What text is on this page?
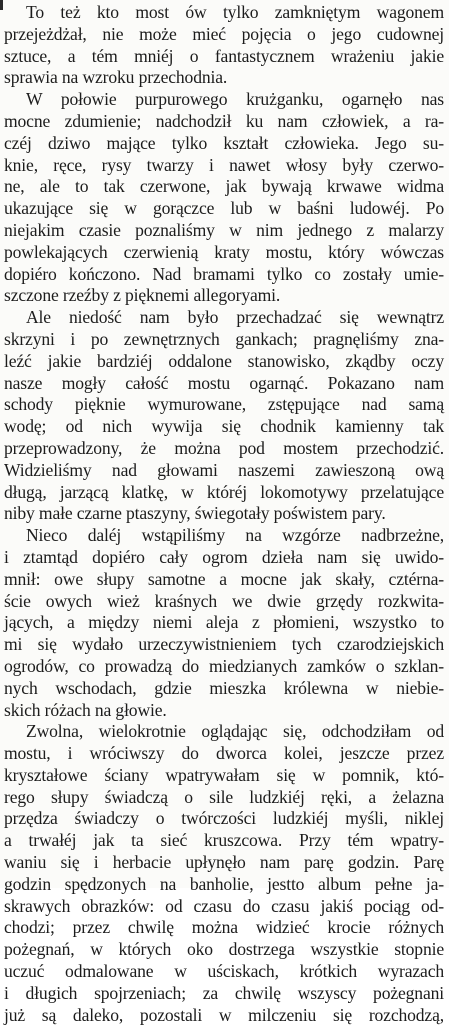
To też kto most ów tylko zamkniętym wagonem
przejeżdżał, nie może mieć pojęcia o jego cudownej
sztuce, a tém mniéj o fantastycznem wrażeniu jakie
sprawia na wzroku przechodnia.

W połowie purpurowego krużganku, ogarnęło nas
mocne zdumienie; nadchodził ku nam człowiek, a ra-
czéj dziwo mające tylko kształt człowieka. Jego su-
knie, ręce, rysy twarzy i nawet włosy były czerwo-
ne, ale to tak czerwone, jak bywają krwawe widma
ukazujące się w gorączce lub w baśni ludowéj. Po
niejakim czasie poznaliśmy w nim jednego z malarzy
powlekających czerwienią kraty mostu, który wówczas
dopiéro kończono. Nad bramami tylko co zostały umie-
szczone rzeźby z pięknemi allegoryami.

Ale niedość nam było przechadzać się wewnątrz
skrzyni i po zewnętrznych gankach; pragnęliśmy zna-
leźć jakie bardziéj oddalone stanowisko, zkądby oczy
nasze mogły całość mostu ogarnąć. Pokazano nam
schody pięknie wymurowane, zstępujące nad samą
wodę; od nich wywija się chodnik kamienny tak
przeprowadzony, że można pod mostem przechodzić.
Widzieliśmy nad głowami naszemi zawieszoną ową
długą, jarzącą klatkę, w któréj lokomotywy przelatujące
niby małe czarne ptaszyny, świegotały poświstem pary.

Nieco daléj wstąpiliśmy na wzgórze nadbrzeżne,
i ztamtąd dopiéro cały ogrom dzieła nam się uwido-
mnił: owe słupy samotne a mocne jak skały, cztérna-
ście owych wież kraśnych we dwie grzędy rozkwita-
jących, a między niemi aleja z płomieni, wszystko to
mi się wydało urzeczywistnieniem tych czarodziejskich
ogrodów, co prowadzą do miedzianych zamków o szklan-
nych wschodach, gdzie mieszka królewna w niebie-
skich różach na głowie.

Zwolna, wielokrotnie oglądając się, odchodziłam od
mostu, i wróciwszy do dworca kolei, jeszcze przez
kryształowe ściany wpatrywałam się w pomnik, któ-
rego słupy świadczą o sile ludzkiéj ręki, a żelazna
przędza świadczy o twórczości ludzkiéj myśli, niklej
a trwałéj jak ta sieć kruszcowa. Przy tém wpatry-
waniu się i herbacie upłynęło nam parę godzin. Parę
godzin spędzonych na banholie, jestto album pełne ja-
skrawych obrazków: od czasu do czasu jakiś pociąg od-
chodzi; przez chwilę można widzieć krocie różnych
pożegnań, w których oko dostrzega wszystkie stopnie
uczuć odmalowane w uściskach, krótkich wyrazach
i długich spojrzeniach; za chwilę wszyscy pożegnani
już są daleko, pozostali w milczeniu się rozchodzą,
